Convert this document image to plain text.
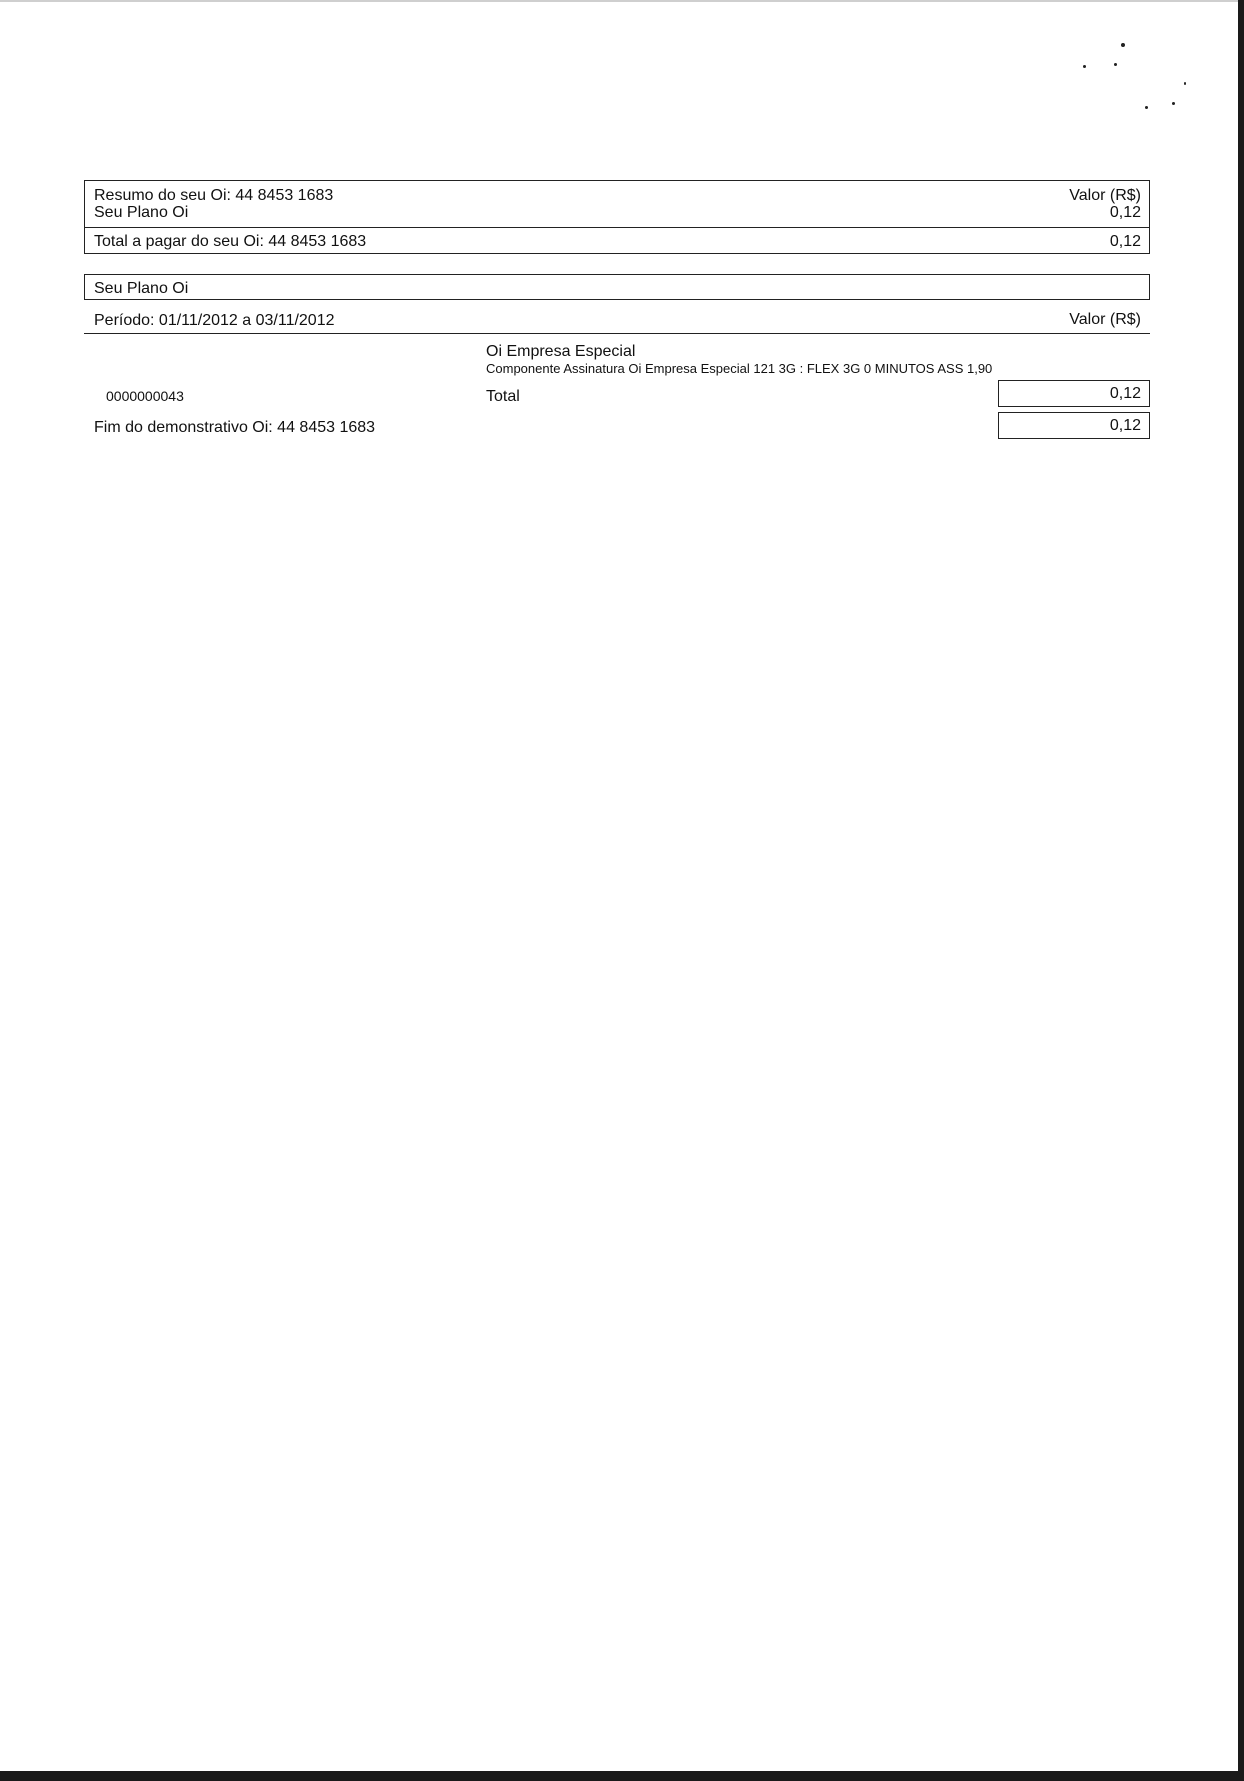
Resumo do seu Oi: 44 8453 1683	Valor (R$)
Seu Plano Oi	0,12
Total a pagar do seu Oi: 44 8453 1683	0,12
Seu Plano Oi
Período: 01/11/2012 a 03/11/2012	Valor (R$)
Oi Empresa Especial
Componente Assinatura Oi Empresa Especial 121 3G : FLEX 3G 0 MINUTOS ASS 1,90
0000000043	Total	0,12
Fim do demonstrativo Oi: 44 8453 1683	0,12
